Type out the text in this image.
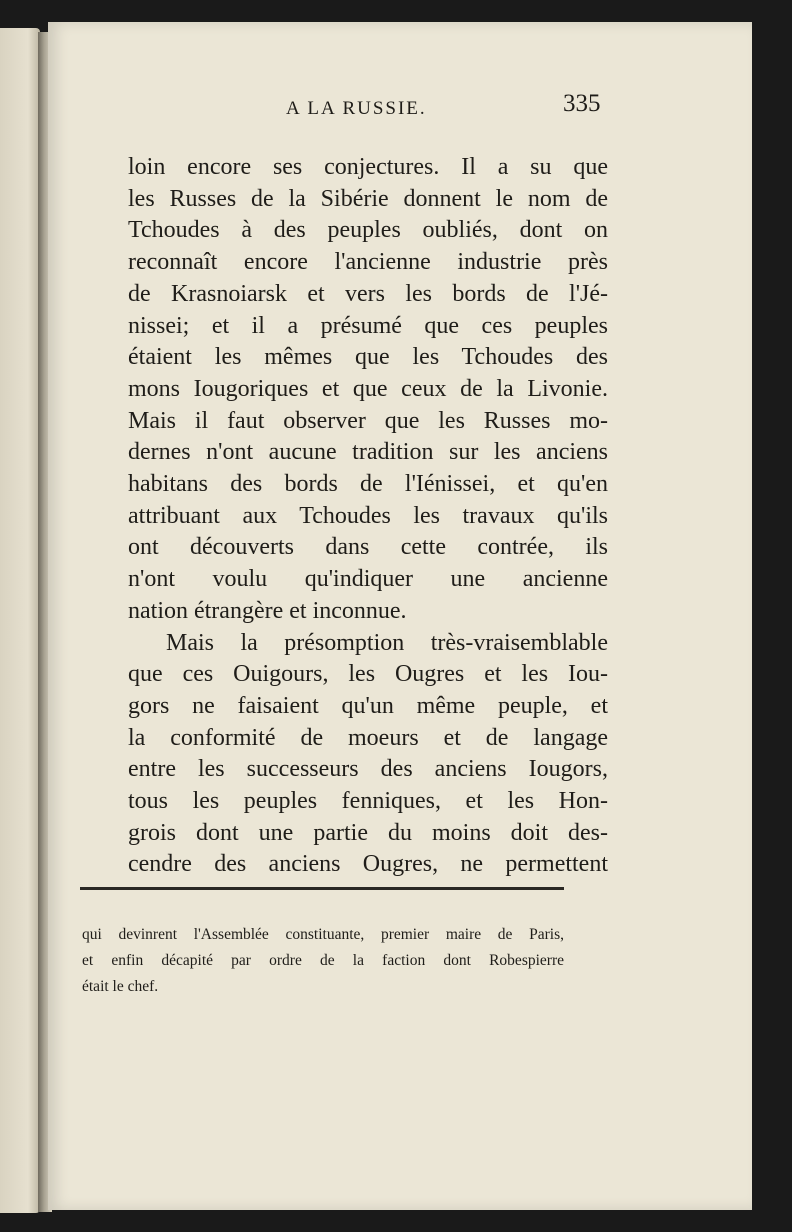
A LA RUSSIE.	335
loin encore ses conjectures. Il a su que
les Russes de la Sibérie donnent le nom de
Tchoudes à des peuples oubliés, dont on
reconnaît encore l'ancienne industrie près
de Krasnoiarsk et vers les bords de l'Jé-
nissei; et il a présumé que ces peuples
étaient les mêmes que les Tchoudes des
mons Iougoriques et que ceux de la Livonie.
Mais il faut observer que les Russes mo-
dernes n'ont aucune tradition sur les anciens
habitans des bords de l'Iénissei, et qu'en
attribuant aux Tchoudes les travaux qu'ils
ont découverts dans cette contrée, ils
n'ont voulu qu'indiquer une ancienne
nation étrangère et inconnue.
Mais la présomption très-vraisemblable
que ces Ouigours, les Ougres et les Iou-
gors ne faisaient qu'un même peuple, et
la conformité de moeurs et de langage
entre les successeurs des anciens Iougors,
tous les peuples fenniques, et les Hon-
grois dont une partie du moins doit des-
cendre des anciens Ougres, ne permettent
qui devinrent l'Assemblée constituante, premier maire de Paris,
et enfin décapité par ordre de la faction dont Robespierre
était le chef.
